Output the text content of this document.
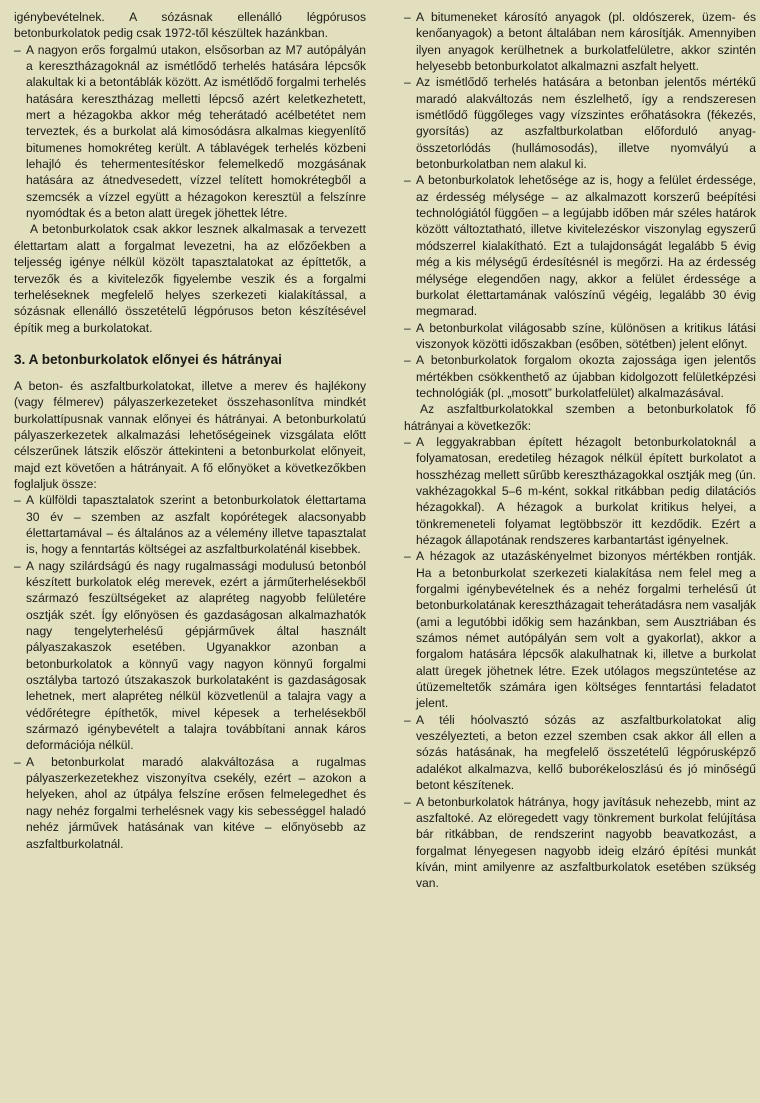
igénybevételnek. A sózásnak ellenálló légpórusos betonburkolatok pedig csak 1972-től készültek hazánkban.

– A nagyon erős forgalmú utakon, elsősorban az M7 autópályán a keresztházagoknál az ismétlődő terhelés hatására lépcsők alakultak ki a betontáblák között. Az ismétlődő forgalmi terhelés hatására keresztházag melletti lépcső azért keletkezhetett, mert a hézagokba akkor még teherátadó acélbetétet nem terveztek, és a burkolat alá kimosódásra alkalmas kiegyenlítő bitumenes homokréteg került. A táblavégek terhelés közbeni lehajló és tehermentesítéskor felemelkedő mozgásának hatására az átnedvesedett, vízzel telített homokrétegből a szemcsék a vízzel együtt a hézagokon keresztül a felszínre nyomódtak és a beton alatt üregek jöhettek létre.

A betonburkolatok csak akkor lesznek alkalmasak a tervezett élettartam alatt a forgalmat levezetni, ha az előzőekben a teljesség igénye nélkül közölt tapasztalatokat az építtetők, a tervezők és a kivitelezők figyelembe veszik és a forgalmi terheléseknek megfelelő helyes szerkezeti kialakítással, a sózásnak ellenálló összetételű légpórusos beton készítésével építik meg a burkolatokat.

3. A betonburkolatok előnyei és hátrányai

A beton- és aszfaltburkolatokat, illetve a merev és hajlékony (vagy félmerev) pályaszerkezeteket összehasonlítva mindkét burkolattípusnak vannak előnyei és hátrányai. A betonburkolatú pályaszerkezetek alkalmazási lehetőségeinek vizsgálata előtt célszerűnek látszik először áttekinteni a betonburkolat előnyeit, majd ezt követően a hátrányait. A fő előnyöket a következőkben foglaljuk össze:

– A külföldi tapasztalatok szerint a betonburkolatok élettartama 30 év – szemben az aszfalt kopórétegek alacsonyabb élettartamával – és általános az a vélemény illetve tapasztalat is, hogy a fenntartás költségei az aszfaltburkolaténál kisebbek.
– A nagy szilárdságú és nagy rugalmassági modulusú betonból készített burkolatok elég merevek, ezért a járműterhelésekből származó feszültségeket az alapréteg nagyobb felületére osztják szét. Így előnyösen és gazdaságosan alkalmazhatók nagy tengelyterhelésű gépjárművek által használt pályaszakaszok esetében. Ugyanakkor azonban a betonburkolatok a könnyű vagy nagyon könnyű forgalmi osztályba tartozó útszakaszok burkolataként is gazdaságosak lehetnek, mert alapréteg nélkül közvetlenül a talajra vagy a védőrétegre építhetők, mivel képesek a terhelésekből származó igénybevételt a talajra továbbítani annak káros deformációja nélkül.
– A betonburkolat maradó alakváltozása a rugalmas pályaszerkezetekhez viszonyítva csekély, ezért – azokon a helyeken, ahol az útpálya felszíne erősen felmelegedhet és nagy nehéz forgalmi terhelésnek vagy kis sebességgel haladó nehéz járművek hatásának van kitéve – előnyösebb az aszfaltburkolatnál.
– A bitumeneket károsító anyagok (pl. oldószerek, üzem- és kenőanyagok) a betont általában nem károsítják. Amennyiben ilyen anyagok kerülhetnek a burkolatfelületre, akkor szintén helyesebb betonburkolatot alkalmazni aszfalt helyett.
– Az ismétlődő terhelés hatására a betonban jelentős mértékű maradó alakváltozás nem észlelhető, így a rendszeresen ismétlődő függőleges vagy vízszintes erőhatásokra (fékezés, gyorsítás) az aszfaltburkolatban előforduló anyag-összetorlódás (hullámosodás), illetve nyomvályú a betonburkolatban nem alakul ki.
– A betonburkolatok lehetősége az is, hogy a felület érdessége, az érdesség mélysége – az alkalmazott korszerű beépítési technológiától függően – a legújabb időben már széles határok között változtatható, illetve kivitelezéskor viszonylag egyszerű módszerrel kialakítható. Ezt a tulajdonságát legalább 5 évig még a kis mélységű érdesítésnél is megőrzi. Ha az érdesség mélysége elegendően nagy, akkor a felület érdessége a burkolat élettartamának valószínű végéig, legalább 30 évig megmarad.
– A betonburkolat világosabb színe, különösen a kritikus látási viszonyok közötti időszakban (esőben, sötétben) jelent előnyt.
– A betonburkolatok forgalom okozta zajossága igen jelentős mértékben csökkenthető az újabban kidolgozott felületképzési technológiák (pl. „mosott” burkolatfelület) alkalmazásával.

Az aszfaltburkolatokkal szemben a betonburkolatok fő hátrányai a következők:

– A leggyakrabban épített hézagolt betonburkolatoknál a folyamatosan, eredetileg hézagok nélkül épített burkolatot a hosszhézag mellett sűrűbb keresztházagokkal osztják meg (ún. vakhézagokkal 5–6 m-ként, sokkal ritkábban pedig dilatációs hézagokkal). A hézagok a burkolat kritikus helyei, a tönkremeneteli folyamat legtöbbször itt kezdődik. Ezért a hézagok állapotának rendszeres karbantartást igényelnek.
– A hézagok az utazáskényelmet bizonyos mértékben rontják. Ha a betonburkolat szerkezeti kialakítása nem felel meg a forgalmi igénybevételnek és a nehéz forgalmi terhelésű út betonburkolatának keresztházagait teherátadásra nem vasalják (ami a legutóbbi időkig sem hazánkban, sem Ausztriában és számos német autópályán sem volt a gyakorlat), akkor a forgalom hatására lépcsők alakulhatnak ki, illetve a burkolat alatt üregek jöhetnek létre. Ezek utólagos megszüntetése az útüzemeltetők számára igen költséges fenntartási feladatot jelent.
– A téli hóolvasztó sózás az aszfaltburkolatokat alig veszélyezteti, a beton ezzel szemben csak akkor áll ellen a sózás hatásának, ha megfelelő összetételű légpórusképző adalékot alkalmazva, kellő buborékeloszlású és jó minőségű betont készítenek.
– A betonburkolatok hátránya, hogy javításuk nehezebb, mint az aszfaltoké. Az elöregedett vagy tönkrement burkolat felújítása bár ritkábban, de rendszerint nagyobb beavatkozást, a forgalmat lényegesen nagyobb ideig elzáró építési munkát kíván, mint amilyenre az aszfaltburkolatok esetében szükség van.
